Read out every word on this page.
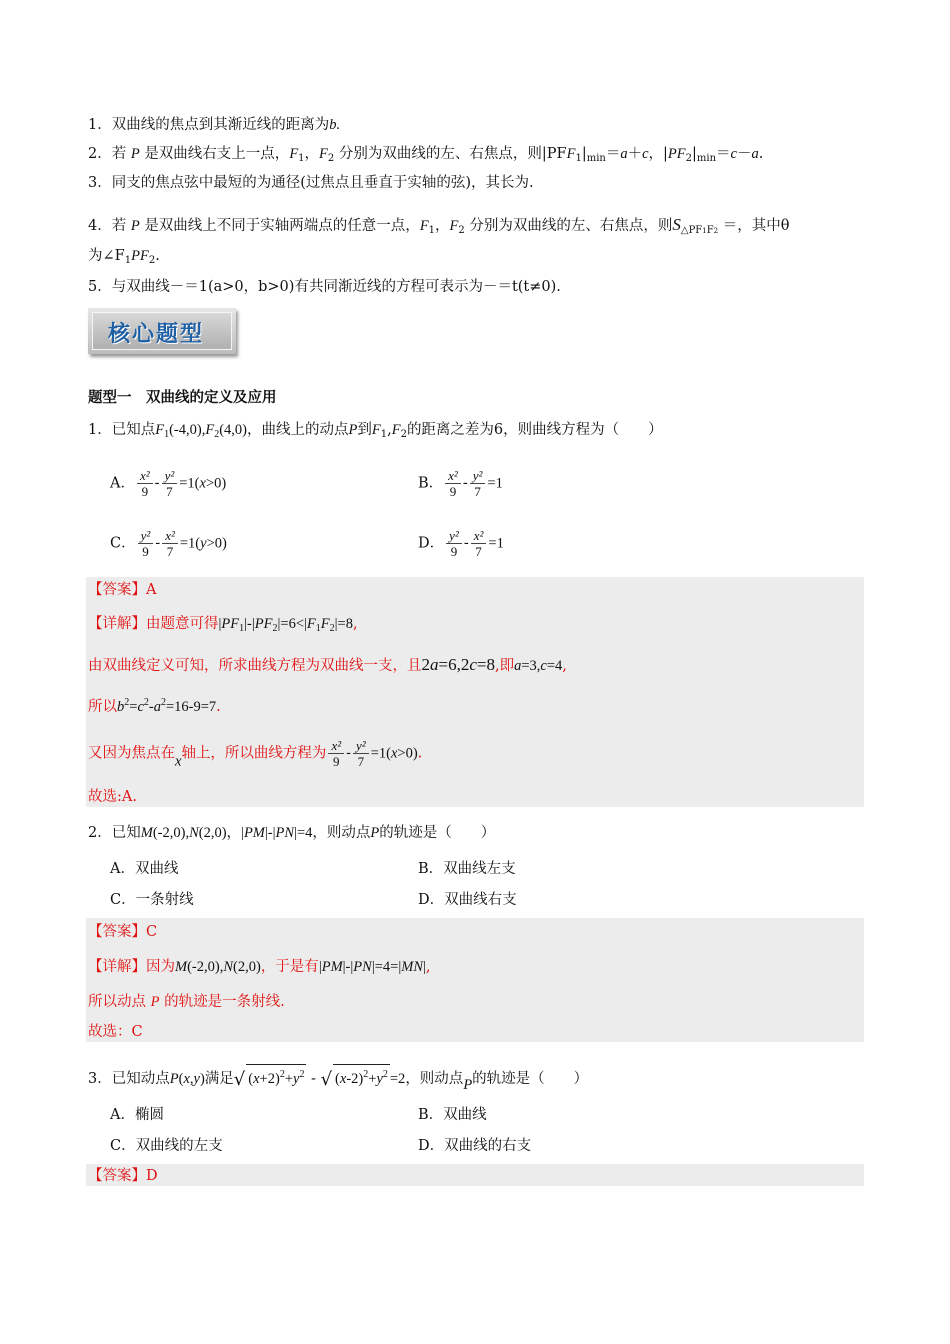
1．双曲线的焦点到其渐近线的距离为b.
2．若 P 是双曲线右支上一点，$F_1$，$F_2$ 分别为双曲线的左、右焦点，则$|PFF_1|_{min}=a+c$，$|PF_2|_{min}=c-a$.
3．同支的焦点弦中最短的为通径(过焦点且垂直于实轴的弦)，其长为.
4．若 P 是双曲线上不同于实轴两端点的任意一点，$F_1$，$F_2$ 分别为双曲线的左、右焦点，则$S_{\triangle PF1F2}$ ＝，其中θ
为$\angle F_1PF_2$.
5．与双曲线－＝1(a>0，b>0)有共同渐近线的方程可表示为－＝t(t≠0).
核心题型
题型一　双曲线的定义及应用
1．已知点$F_1(-4,0),F_2(4,0)$，曲线上的动点P到$F_1,F_2$的距离之差为6，则曲线方程为（　　）
A． $\frac{\text{x²}}{9} - \frac{\text{y²}}{7} =1(x>0)$	B． $\frac{\text{x²}}{9} - \frac{\text{y²}}{7} =1$
C． $\frac{\text{y²}}{9} - \frac{\text{x²}}{7} =1(y>0)$	D． $\frac{\text{y²}}{9} - \frac{\text{x²}}{7} =1$
【答案】A
【详解】由题意可得$|PF_1|-|PF_2|=6<|F_1F_2|=8$,
由双曲线定义可知，所求曲线方程为双曲线一支，且2a=6,2c=8,即a=3,c=4,
所以$b^2=c^2-a^2=16-9=7$.
又因为焦点在x轴上，所以曲线方程为 $\frac{\text{x²}}{9} - \frac{\text{y²}}{7} =1(x>0)$.
故选:A.
2．已知M(-2,0),N(2,0)，|PM|-|PN|=4，则动点P的轨迹是（　　）
A．双曲线	B．双曲线左支
C．一条射线	D．双曲线右支
【答案】C
【详解】因为M(-2,0),N(2,0)，于是有|PM|-|PN|=4=|MN|,
所以动点 P 的轨迹是一条射线.
故选：C
3．已知动点P(x,y)满足√ $(x+2)^2+y^2$ - √ $(x-2)^2+y^2 =2$，则动点P的轨迹是（　　）
A．椭圆	B．双曲线
C．双曲线的左支	D．双曲线的右支
【答案】D
